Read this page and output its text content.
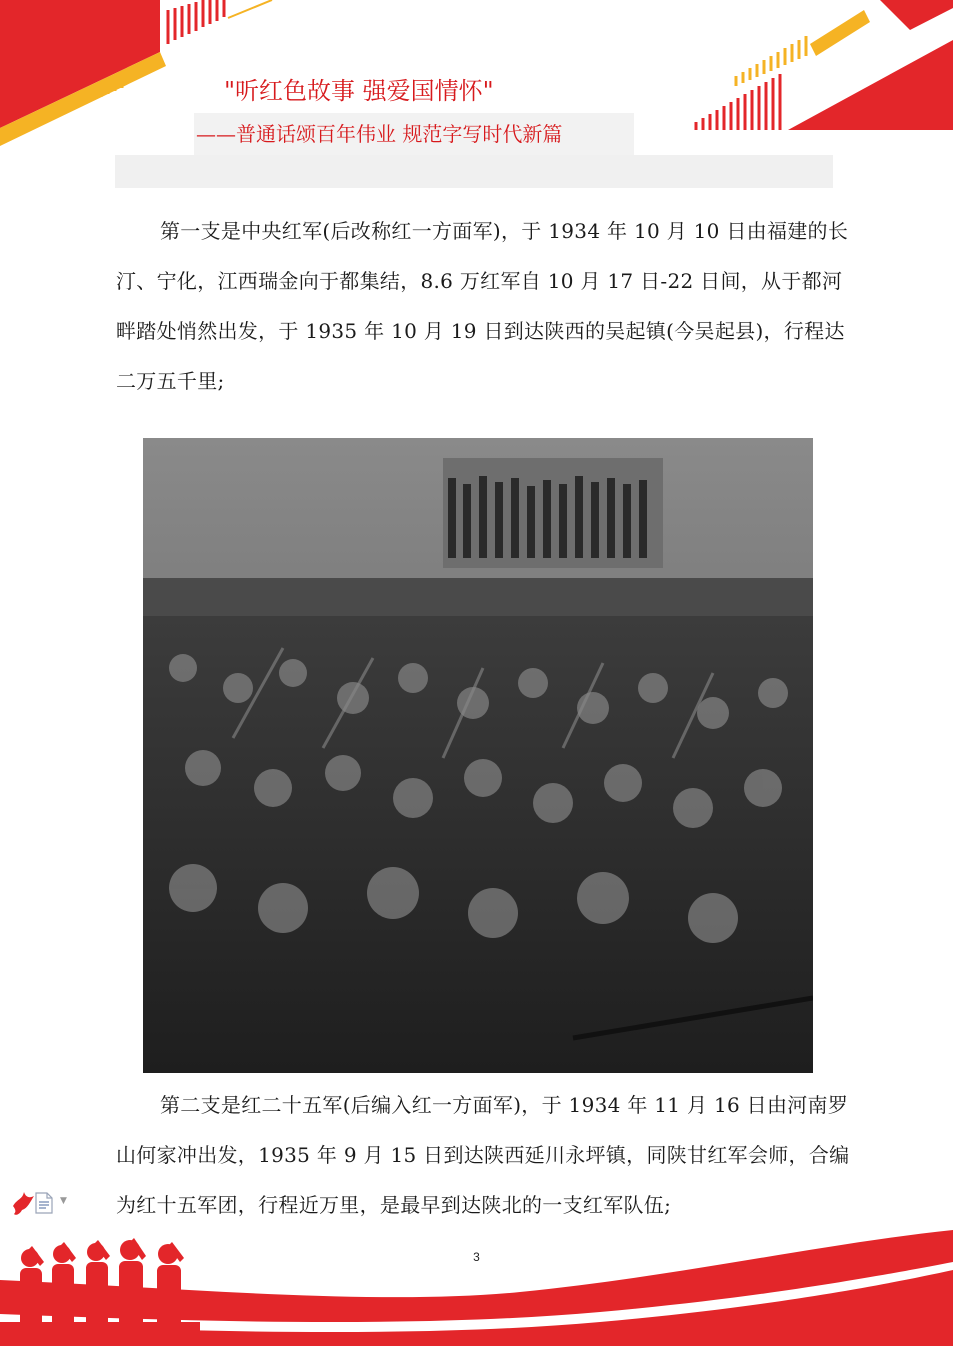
"听红色故事 强爱国情怀"
——普通话颂百年伟业 规范字写时代新篇

第一支是中央红军(后改称红一方面军)，于 1934 年 10 月 10 日由福建的长汀、宁化，江西瑞金向于都集结，8.6 万红军自 10 月 17 日-22 日间，从于都河畔踏处悄然出发，于 1935 年 10 月 19 日到达陕西的吴起镇(今吴起县)，行程达二万五千里;

第二支是红二十五军(后编入红一方面军)，于 1934 年 11 月 16 日由河南罗山何家冲出发，1935 年 9 月 15 日到达陕西延川永坪镇，同陕甘红军会师，合编为红十五军团，行程近万里，是最早到达陕北的一支红军队伍;

▼
3
